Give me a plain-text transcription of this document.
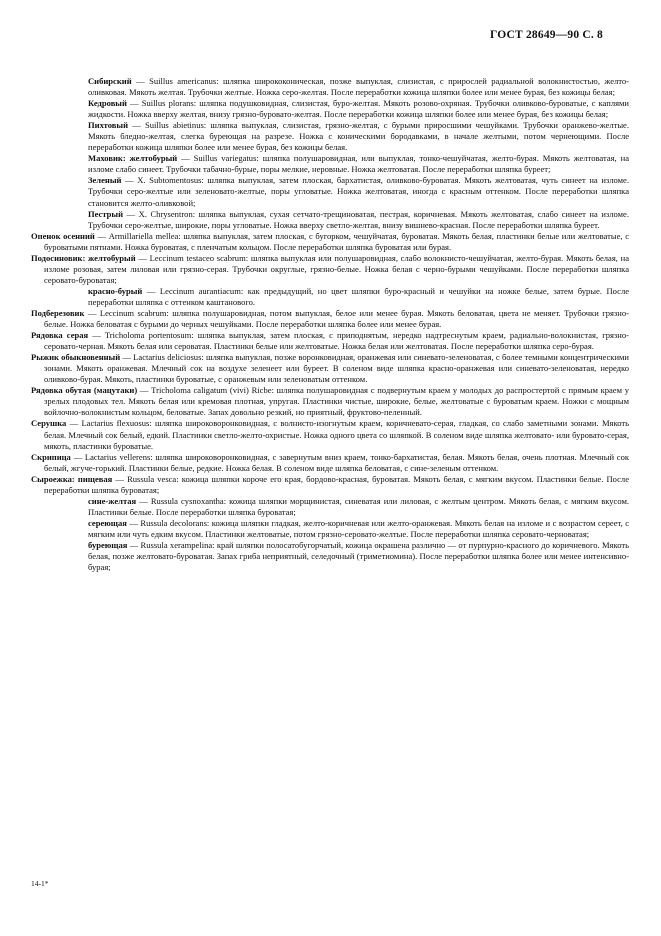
ГОСТ 28649—90 С. 8

Сибирский — Suillus americanus: шляпка ширококоническая, позже выпуклая, слизистая, с прирослей радиальной волокнистостью, желто-оливковая. Мякоть желтая. Трубочки желтые. Ножка серо-желтая. После переработки кожица шляпки более или менее бурая, без кожицы белая;

Кедровый — Suillus plorans: шляпка подушковидная, слизистая, буро-желтая. Мякоть розово-охряная. Трубочки оливково-буроватые, с каплями жидкости. Ножка вверху желтая, внизу грязно-буровато-желтая. После переработки кожица шляпки более или менее бурая, без кожицы белая;

Пихтовый — Suillus abietinus: шляпка выпуклая, слизистая, грязно-желтая, с бурыми приросшими чешуйками. Трубочки оранжево-желтые. Мякоть бледно-желтая, слегка буреющая на разрезе. Ножка с коническими бородавками, в начале желтыми, потом чернеющими. После переработки кожица шляпки более или менее бурая, без кожицы белая.

Маховик: желтобурый — Suillus variegatus: шляпка полушаровидная, или выпуклая, тонко-чешуйчатая, желто-бурая. Мякоть желтоватая, на изломе слабо синеет. Трубочки табачно-бурые, поры мелкие, неровные. Ножка желтоватая. После переработки шляпка буреет;

Зеленый — X. Subtomentosus: шляпка выпуклая, затем плоская, бархатистая, оливково-буроватая. Мякоть желтоватая, чуть синеет на изломе. Трубочки серо-желтые или зеленовато-желтые, поры угловатые. Ножка желтоватая, иногда с красным оттенком. После переработки шляпка становится желто-оливковой;

Пестрый — X. Chrysentron: шляпка выпуклая, сухая сетчато-трещиноватая, пестрая, коричневая. Мякоть желтоватая, слабо синеет на изломе. Трубочки серо-желтые, широкие, поры угловатые. Ножка вверху светло-желтая, внизу вишнево-красная. После переработки шляпка буреет.

Опенок осенний — Armillariella mellea: шляпка выпуклая, затем плоская, с бугорком, чешуйчатая, буроватая. Мякоть белая, пластинки белые или желтоватые, с буроватыми пятнами. Ножка буроватая, с пленчатым кольцом. После переработки шляпка буроватая или бурая.

Подосиновик: желтобурый — Leccinum testaceo scabrum: шляпка выпуклая или полушаровидная, слабо волокнисто-чешуйчатая, желто-бурая. Мякоть белая, на изломе розовая, затем лиловая или грязно-серая. Трубочки округлые, грязно-белые. Ножка белая с черно-бурыми чешуйками. После переработки шляпка серовато-буроватая;

красно-бурый — Leccinum aurantiacum: как предыдущий, но цвет шляпки буро-красный и чешуйки на ножке белые, затем бурые. После переработки шляпка с оттенком каштанового.

Подберезовик — Leccinum scabrum: шляпка полушаровидная, потом выпуклая, белое или менее бурая. Мякоть беловатая, цвета не меняет. Трубочки грязно-белые. Ножка беловатая с бурыми до черных чешуйками. После переработки шляпка более или менее бурая.

Рядовка серая — Tricholoma portentosum: шляпка выпуклая, затем плоская, с приподнятым, нередко надтреснутым краем, радиально-волокнистая, грязно-серовато-черная. Мякоть белая или сероватая. Пластинки белые или желтоватые. Ножка белая или желтоватая. После переработки шляпка серо-бурая.

Рыжик обыкновенный — Lactarius deliciosus: шляпка выпуклая, позже воронковидная, оранжевая или синевато-зеленоватая, с более темными концентрическими зонами. Мякоть оранжевая. Млечный сок на воздухе зеленеет или буреет. В соленом виде шляпка красно-оранжевая или синевато-зеленоватая, нередко оливково-бурая. Мякоть, пластинки буроватые, с оранжевым или зеленоватым оттенком.

Рядовка обутая (мацутаки) — Tricholoma caligatum (vivi) Ricbe: шляпка полушаровидная с подвернутым краем у молодых до распростертой с прямым краем у зрелых плодовых тел. Мякоть белая или кремовая плотная, упругая. Пластинки чистые, широкие, белые, желтоватые с буроватым краем. Ножки с мощным войлочно-волокнистым кольцом, беловатые. Запах довольно резкий, но приятный, фруктово-пеленный.

Серушка — Lactarius flexuosus: шляпка широковоронковидная, с волнисто-изогнутым краем, коричневато-серая, гладкая, со слабо заметными зонами. Мякоть белая. Млечный сок белый, едкий. Пластинки светло-желто-охристые. Ножка одного цвета со шляпкой. В соленом виде шляпка желтовато- или буровато-серая, мякоть, пластинки буроватые.

Скрипица — Lactarius vellerens: шляпка широковоронковидная, с завернутым вниз краем, тонко-бархатистая, белая. Мякоть белая, очень плотная. Млечный сок белый, жгуче-горький. Пластинки белые, редкие. Ножка белая. В соленом виде шляпка беловатая, с сине-зеленым оттенком.

Сыроежка: пищевая — Russula vesca: кожица шляпки короче его края, бордово-красная, буроватая. Мякоть белая, с мягким вкусом. Пластинки белые. После переработки шляпка буроватая;

сине-желтая — Russula cysnoxantha: кожица шляпки морщинистая, синеватая или лиловая, с желтым центром. Мякоть белая, с мягким вкусом. Пластинки белые. После переработки шляпка буроватая;

сереющая — Russula decolorans: кожица шляпки гладкая, желто-коричневая или желто-оранжевая. Мякоть белая на изломе и с возрастом сереет, с мягким или чуть едким вкусом. Пластинки желтоватые, потом грязно-серовато-желтые. После переработки шляпка серовато-черноватая;

буреющая — Russula xerampelina: край шляпки полосатобугорчатый, кожица окрашена различно — от пурпурно-красного до коричневого. Мякоть белая, позже желтовато-буроватая. Запах гриба неприятный, селедочный (триметиомина). После переработки шляпка более или менее интенсивно-бурая;

14-1*
